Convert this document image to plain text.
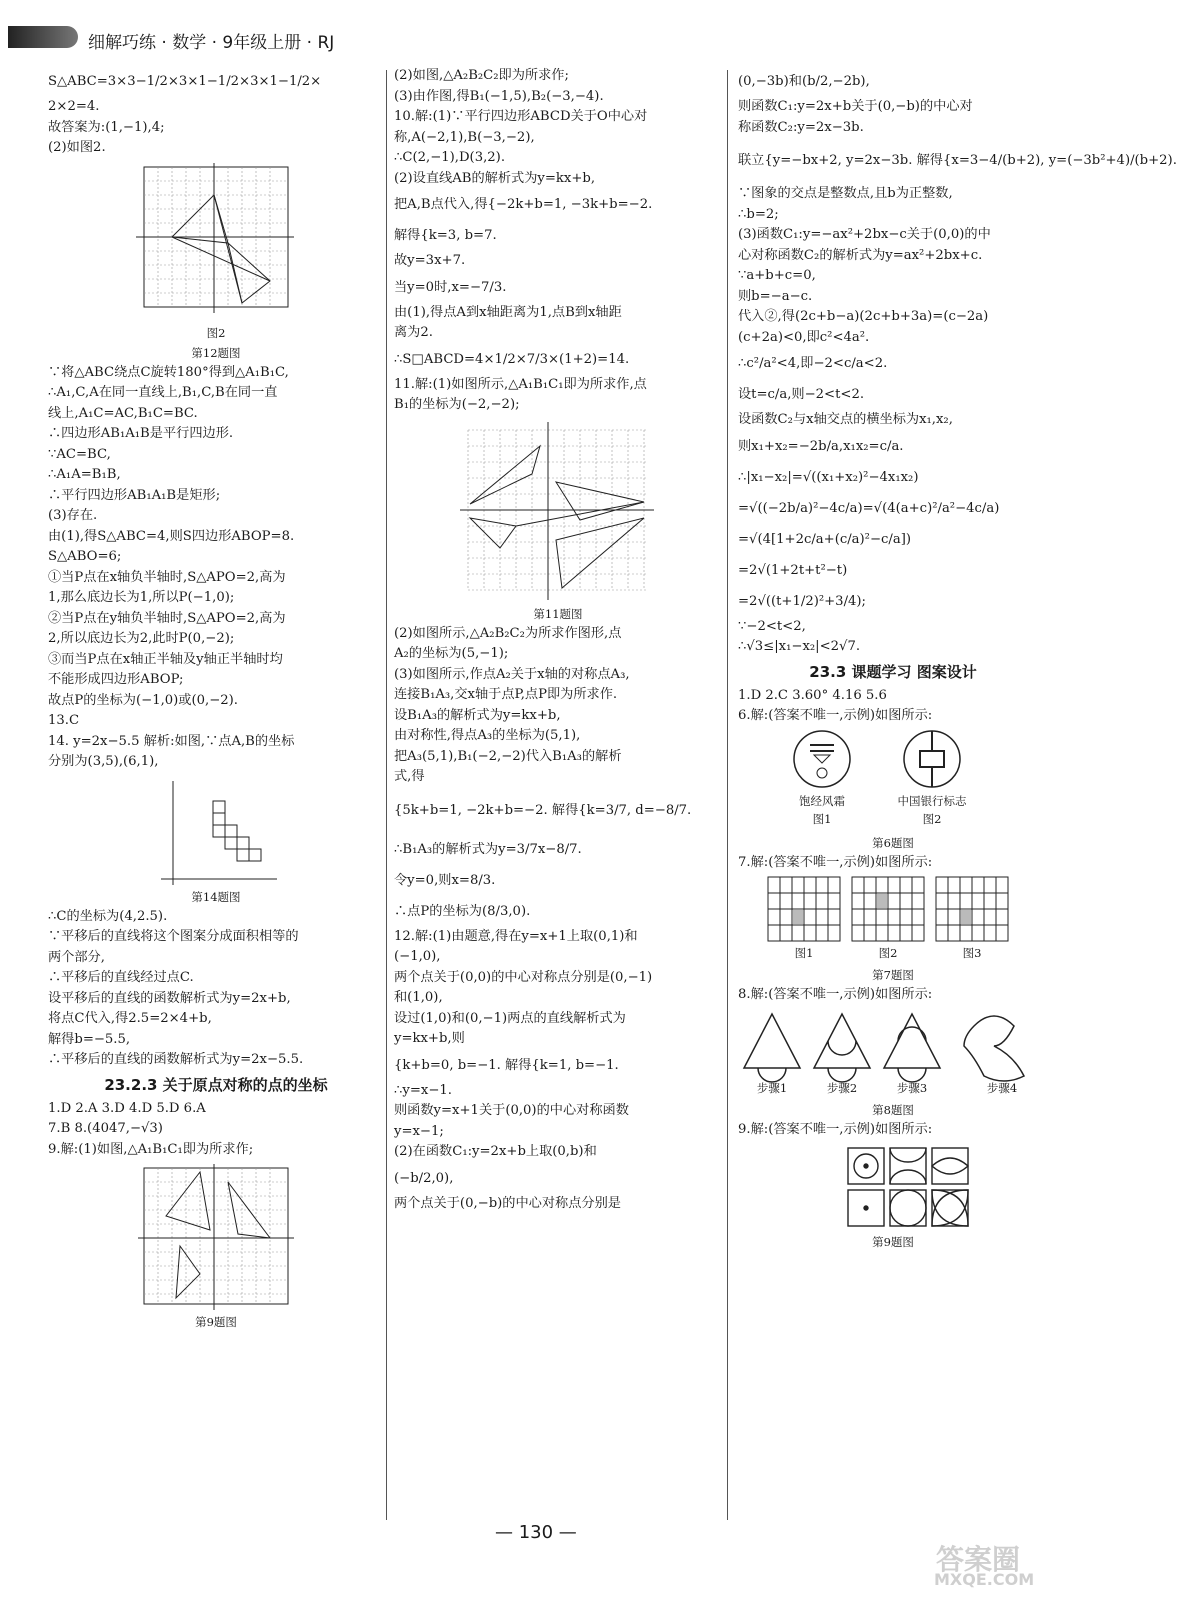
细解巧练 · 数学 · 9年级上册 · RJ
S△ABC=3×3−1/2×3×1−1/2×3×1−1/2×
2×2=4.
故答案为:(1,−1),4;
(2)如图2.
图2
第12题图
∵将△ABC绕点C旋转180°得到△A₁B₁C,
∴A₁,C,A在同一直线上,B₁,C,B在同一直
线上,A₁C=AC,B₁C=BC.
∴四边形AB₁A₁B是平行四边形.
∵AC=BC,
∴A₁A=B₁B,
∴平行四边形AB₁A₁B是矩形;
(3)存在.
由(1),得S△ABC=4,则S四边形ABOP=8.
S△ABO=6;
①当P点在x轴负半轴时,S△APO=2,高为
1,那么底边长为1,所以P(−1,0);
②当P点在y轴负半轴时,S△APO=2,高为
2,所以底边长为2,此时P(0,−2);
③而当P点在x轴正半轴及y轴正半轴时均
不能形成四边形ABOP;
故点P的坐标为(−1,0)或(0,−2).
13.C
14. y=2x−5.5 解析:如图,∵点A,B的坐标
分别为(3,5),(6,1),
第14题图
∴C的坐标为(4,2.5).
∵平移后的直线将这个图案分成面积相等的
两个部分,
∴平移后的直线经过点C.
设平移后的直线的函数解析式为y=2x+b,
将点C代入,得2.5=2×4+b,
解得b=−5.5,
∴平移后的直线的函数解析式为y=2x−5.5.
23.2.3 关于原点对称的点的坐标
1.D 2.A 3.D 4.D 5.D 6.A
7.B 8.(4047,−√3)
9.解:(1)如图,△A₁B₁C₁即为所求作;
第9题图
(2)如图,△A₂B₂C₂即为所求作;
(3)由作图,得B₁(−1,5),B₂(−3,−4).
10.解:(1)∵平行四边形ABCD关于O中心对
称,A(−2,1),B(−3,−2),
∴C(2,−1),D(3,2).
(2)设直线AB的解析式为y=kx+b,
把A,B点代入,得{−2k+b=1, −3k+b=−2.
解得{k=3, b=7.
故y=3x+7.
当y=0时,x=−7/3.
由(1),得点A到x轴距离为1,点B到x轴距
离为2.
∴S□ABCD=4×1/2×7/3×(1+2)=14.
11.解:(1)如图所示,△A₁B₁C₁即为所求作,点
B₁的坐标为(−2,−2);
第11题图
(2)如图所示,△A₂B₂C₂为所求作图形,点
A₂的坐标为(5,−1);
(3)如图所示,作点A₂关于x轴的对称点A₃,
连接B₁A₃,交x轴于点P,点P即为所求作.
设B₁A₃的解析式为y=kx+b,
由对称性,得点A₃的坐标为(5,1),
把A₃(5,1),B₁(−2,−2)代入B₁A₃的解析
式,得
{5k+b=1, −2k+b=−2. 解得{k=3/7, d=−8/7.
∴B₁A₃的解析式为y=3/7x−8/7.
令y=0,则x=8/3.
∴点P的坐标为(8/3,0).
12.解:(1)由题意,得在y=x+1上取(0,1)和
(−1,0),
两个点关于(0,0)的中心对称点分别是(0,−1)
和(1,0),
设过(1,0)和(0,−1)两点的直线解析式为
y=kx+b,则
{k+b=0, b=−1. 解得{k=1, b=−1.
∴y=x−1.
则函数y=x+1关于(0,0)的中心对称函数
y=x−1;
(2)在函数C₁:y=2x+b上取(0,b)和
(−b/2,0),
两个点关于(0,−b)的中心对称点分别是
(0,−3b)和(b/2,−2b),
则函数C₁:y=2x+b关于(0,−b)的中心对
称函数C₂:y=2x−3b.
联立{y=−bx+2, y=2x−3b. 解得{x=3−4/(b+2), y=(−3b²+4)/(b+2).
∵图象的交点是整数点,且b为正整数,
∴b=2;
(3)函数C₁:y=−ax²+2bx−c关于(0,0)的中
心对称函数C₂的解析式为y=ax²+2bx+c.
∵a+b+c=0,
则b=−a−c.
代入②,得(2c+b−a)(2c+b+3a)=(c−2a)
(c+2a)<0,即c²<4a².
∴c²/a²<4,即−2<c/a<2.
设t=c/a,则−2<t<2.
设函数C₂与x轴交点的横坐标为x₁,x₂,
则x₁+x₂=−2b/a,x₁x₂=c/a.
∴|x₁−x₂|=√((x₁+x₂)²−4x₁x₂)
=√((−2b/a)²−4c/a)=√(4(a+c)²/a²−4c/a)
=√(4[1+2c/a+(c/a)²−c/a])
=2√(1+2t+t²−t)
=2√((t+1/2)²+3/4);
∵−2<t<2,
∴√3≤|x₁−x₂|<2√7.
23.3 课题学习 图案设计
1.D 2.C 3.60° 4.16 5.6
6.解:(答案不唯一,示例)如图所示:
饱经风霜	中国银行标志
图1	图2
第6题图
7.解:(答案不唯一,示例)如图所示:
图1	图2	图3
第7题图
8.解:(答案不唯一,示例)如图所示:
步骤1	步骤2	步骤3	步骤4
第8题图
9.解:(答案不唯一,示例)如图所示:
第9题图
— 130 —
答案圈
MXQE.COM
